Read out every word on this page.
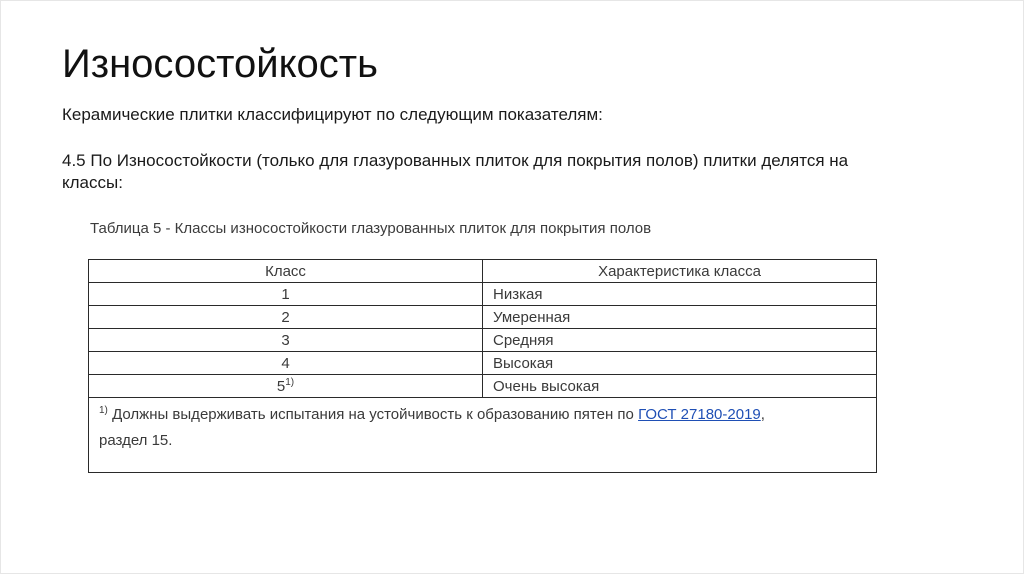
Износостойкость

Керамические плитки классифицируют по следующим показателям:

4.5 По Износостойкости (только для глазурованных плиток для покрытия полов) плитки делятся на классы:

Таблица 5 - Классы износостойкости глазурованных плиток для покрытия полов

Класс	Характеристика класса
1	Низкая
2	Умеренная
3	Средняя
4	Высокая
5$^{1)}$	Очень высокая
$^{1)}$ Должны выдерживать испытания на устойчивость к образованию пятен по ГОСТ 27180-2019,
раздел 15.	
